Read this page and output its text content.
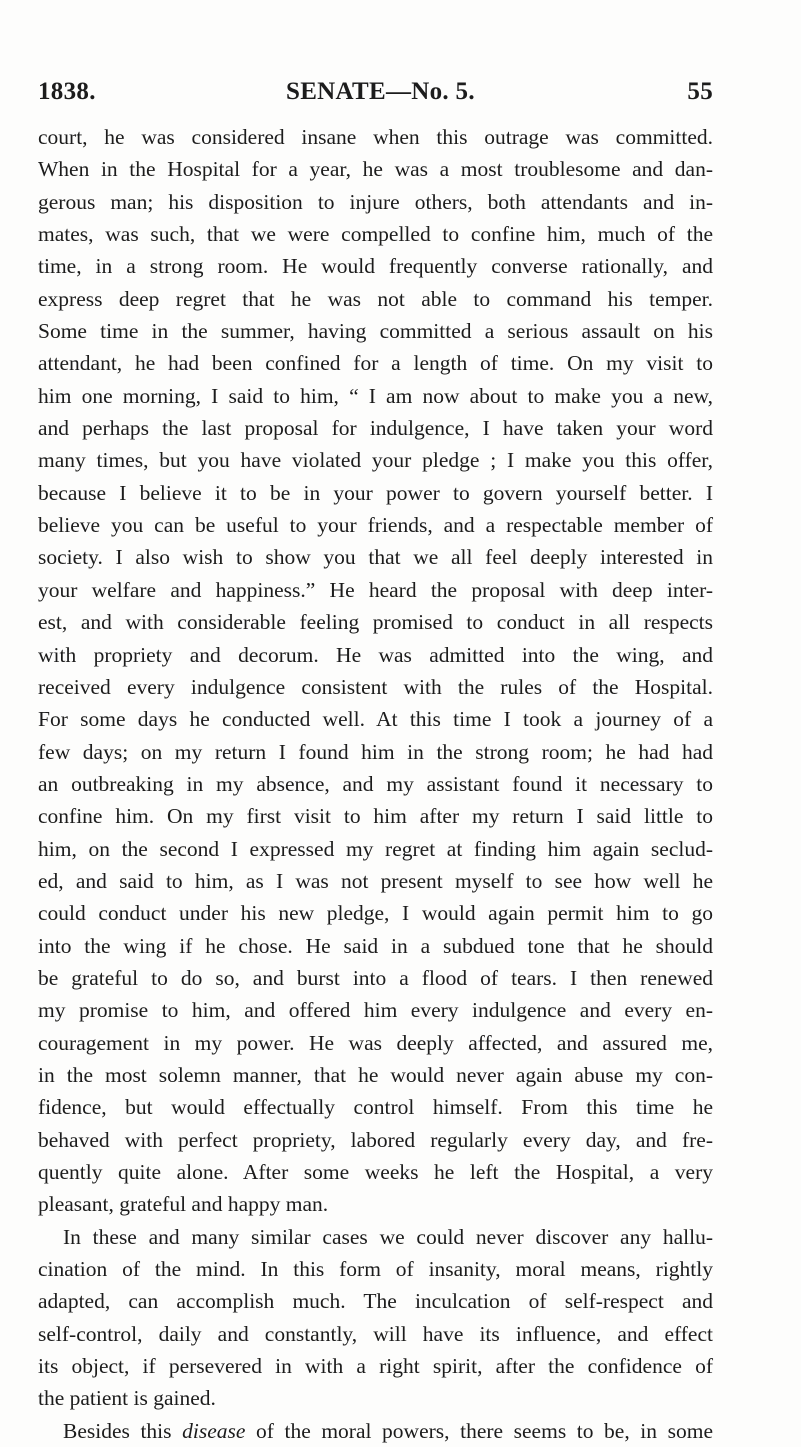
1838.	SENATE—No. 5.	55
court, he was considered insane when this outrage was committed.
When in the Hospital for a year, he was a most troublesome and dan-
gerous man; his disposition to injure others, both attendants and in-
mates, was such, that we were compelled to confine him, much of the
time, in a strong room. He would frequently converse rationally, and
express deep regret that he was not able to command his temper.
Some time in the summer, having committed a serious assault on his
attendant, he had been confined for a length of time. On my visit to
him one morning, I said to him, “ I am now about to make you a new,
and perhaps the last proposal for indulgence, I have taken your word
many times, but you have violated your pledge ; I make you this offer,
because I believe it to be in your power to govern yourself better. I
believe you can be useful to your friends, and a respectable member of
society. I also wish to show you that we all feel deeply interested in
your welfare and happiness.” He heard the proposal with deep inter-
est, and with considerable feeling promised to conduct in all respects
with propriety and decorum. He was admitted into the wing, and
received every indulgence consistent with the rules of the Hospital.
For some days he conducted well. At this time I took a journey of a
few days; on my return I found him in the strong room; he had had
an outbreaking in my absence, and my assistant found it necessary to
confine him. On my first visit to him after my return I said little to
him, on the second I expressed my regret at finding him again seclud-
ed, and said to him, as I was not present myself to see how well he
could conduct under his new pledge, I would again permit him to go
into the wing if he chose. He said in a subdued tone that he should
be grateful to do so, and burst into a flood of tears. I then renewed
my promise to him, and offered him every indulgence and every en-
couragement in my power. He was deeply affected, and assured me,
in the most solemn manner, that he would never again abuse my con-
fidence, but would effectually control himself. From this time he
behaved with perfect propriety, labored regularly every day, and fre-
quently quite alone. After some weeks he left the Hospital, a very
pleasant, grateful and happy man.
In these and many similar cases we could never discover any hallu-
cination of the mind. In this form of insanity, moral means, rightly
adapted, can accomplish much. The inculcation of self-respect and
self-control, daily and constantly, will have its influence, and effect
its object, if persevered in with a right spirit, after the confidence of
the patient is gained.
Besides this disease of the moral powers, there seems to be, in some
